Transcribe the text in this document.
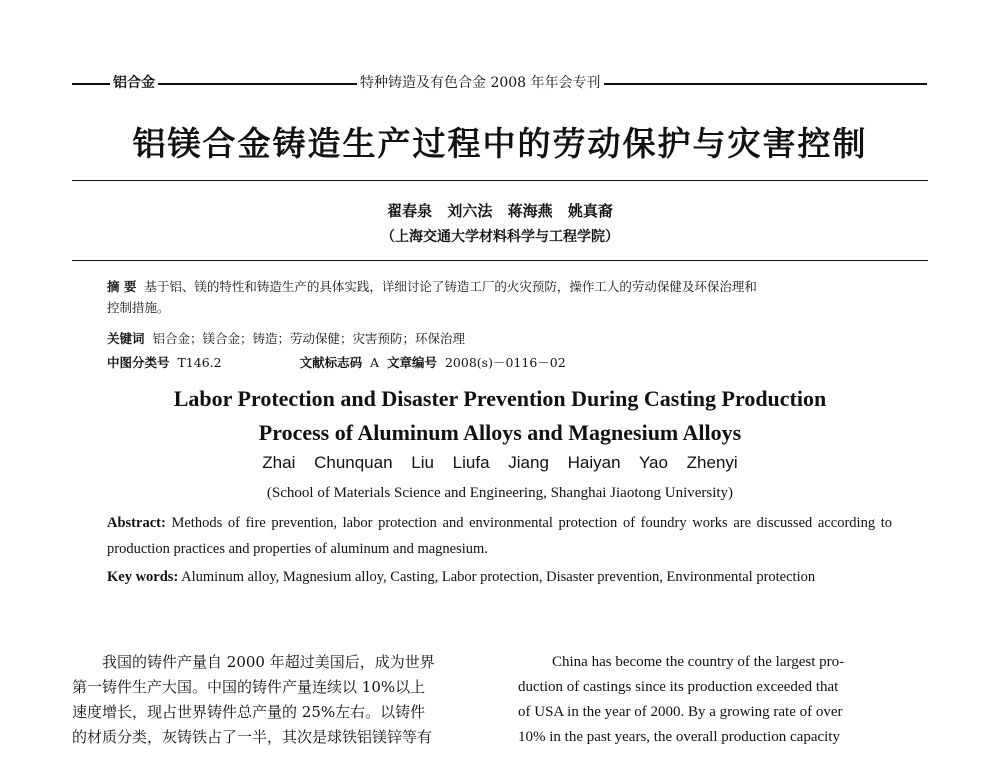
铝合金	特种铸造及有色合金 2008 年年会专刊
铝镁合金铸造生产过程中的劳动保护与灾害控制
翟春泉 刘六法 蒋海燕 姚真裔
（上海交通大学材料科学与工程学院）
摘 要 基于铝、镁的特性和铸造生产的具体实践，详细讨论了铸造工厂的火灾预防，操作工人的劳动保健及环保治理和
控制措施。
关键词 铝合金；镁合金；铸造；劳动保健；灾害预防；环保治理
中图分类号 T146.2	文献标志码 A 文章编号 2008(s)－0116－02
Labor Protection and Disaster Prevention During Casting Production
Process of Aluminum Alloys and Magnesium Alloys
Zhai Chunquan Liu Liufa Jiang Haiyan Yao Zhenyi
(School of Materials Science and Engineering, Shanghai Jiaotong University)
Abstract: Methods of fire prevention, labor protection and environmental protection of foundry works are discussed according to production practices and properties of aluminum and magnesium.
Key words: Aluminum alloy, Magnesium alloy, Casting, Labor protection, Disaster prevention, Environmental protection

　　我国的铸件产量自 2000 年超过美国后，成为世界

第一铸件生产大国。中国的铸件产量连续以 10%以上

速度增长，现占世界铸件总产量的 25%左右。以铸件

的材质分类，灰铸铁占了一半，其次是球铁铝镁锌等有

China has become the country of the largest pro-

duction of castings since its production exceeded that

of USA in the year of 2000. By a growing rate of over

10% in the past years, the overall production capacity
